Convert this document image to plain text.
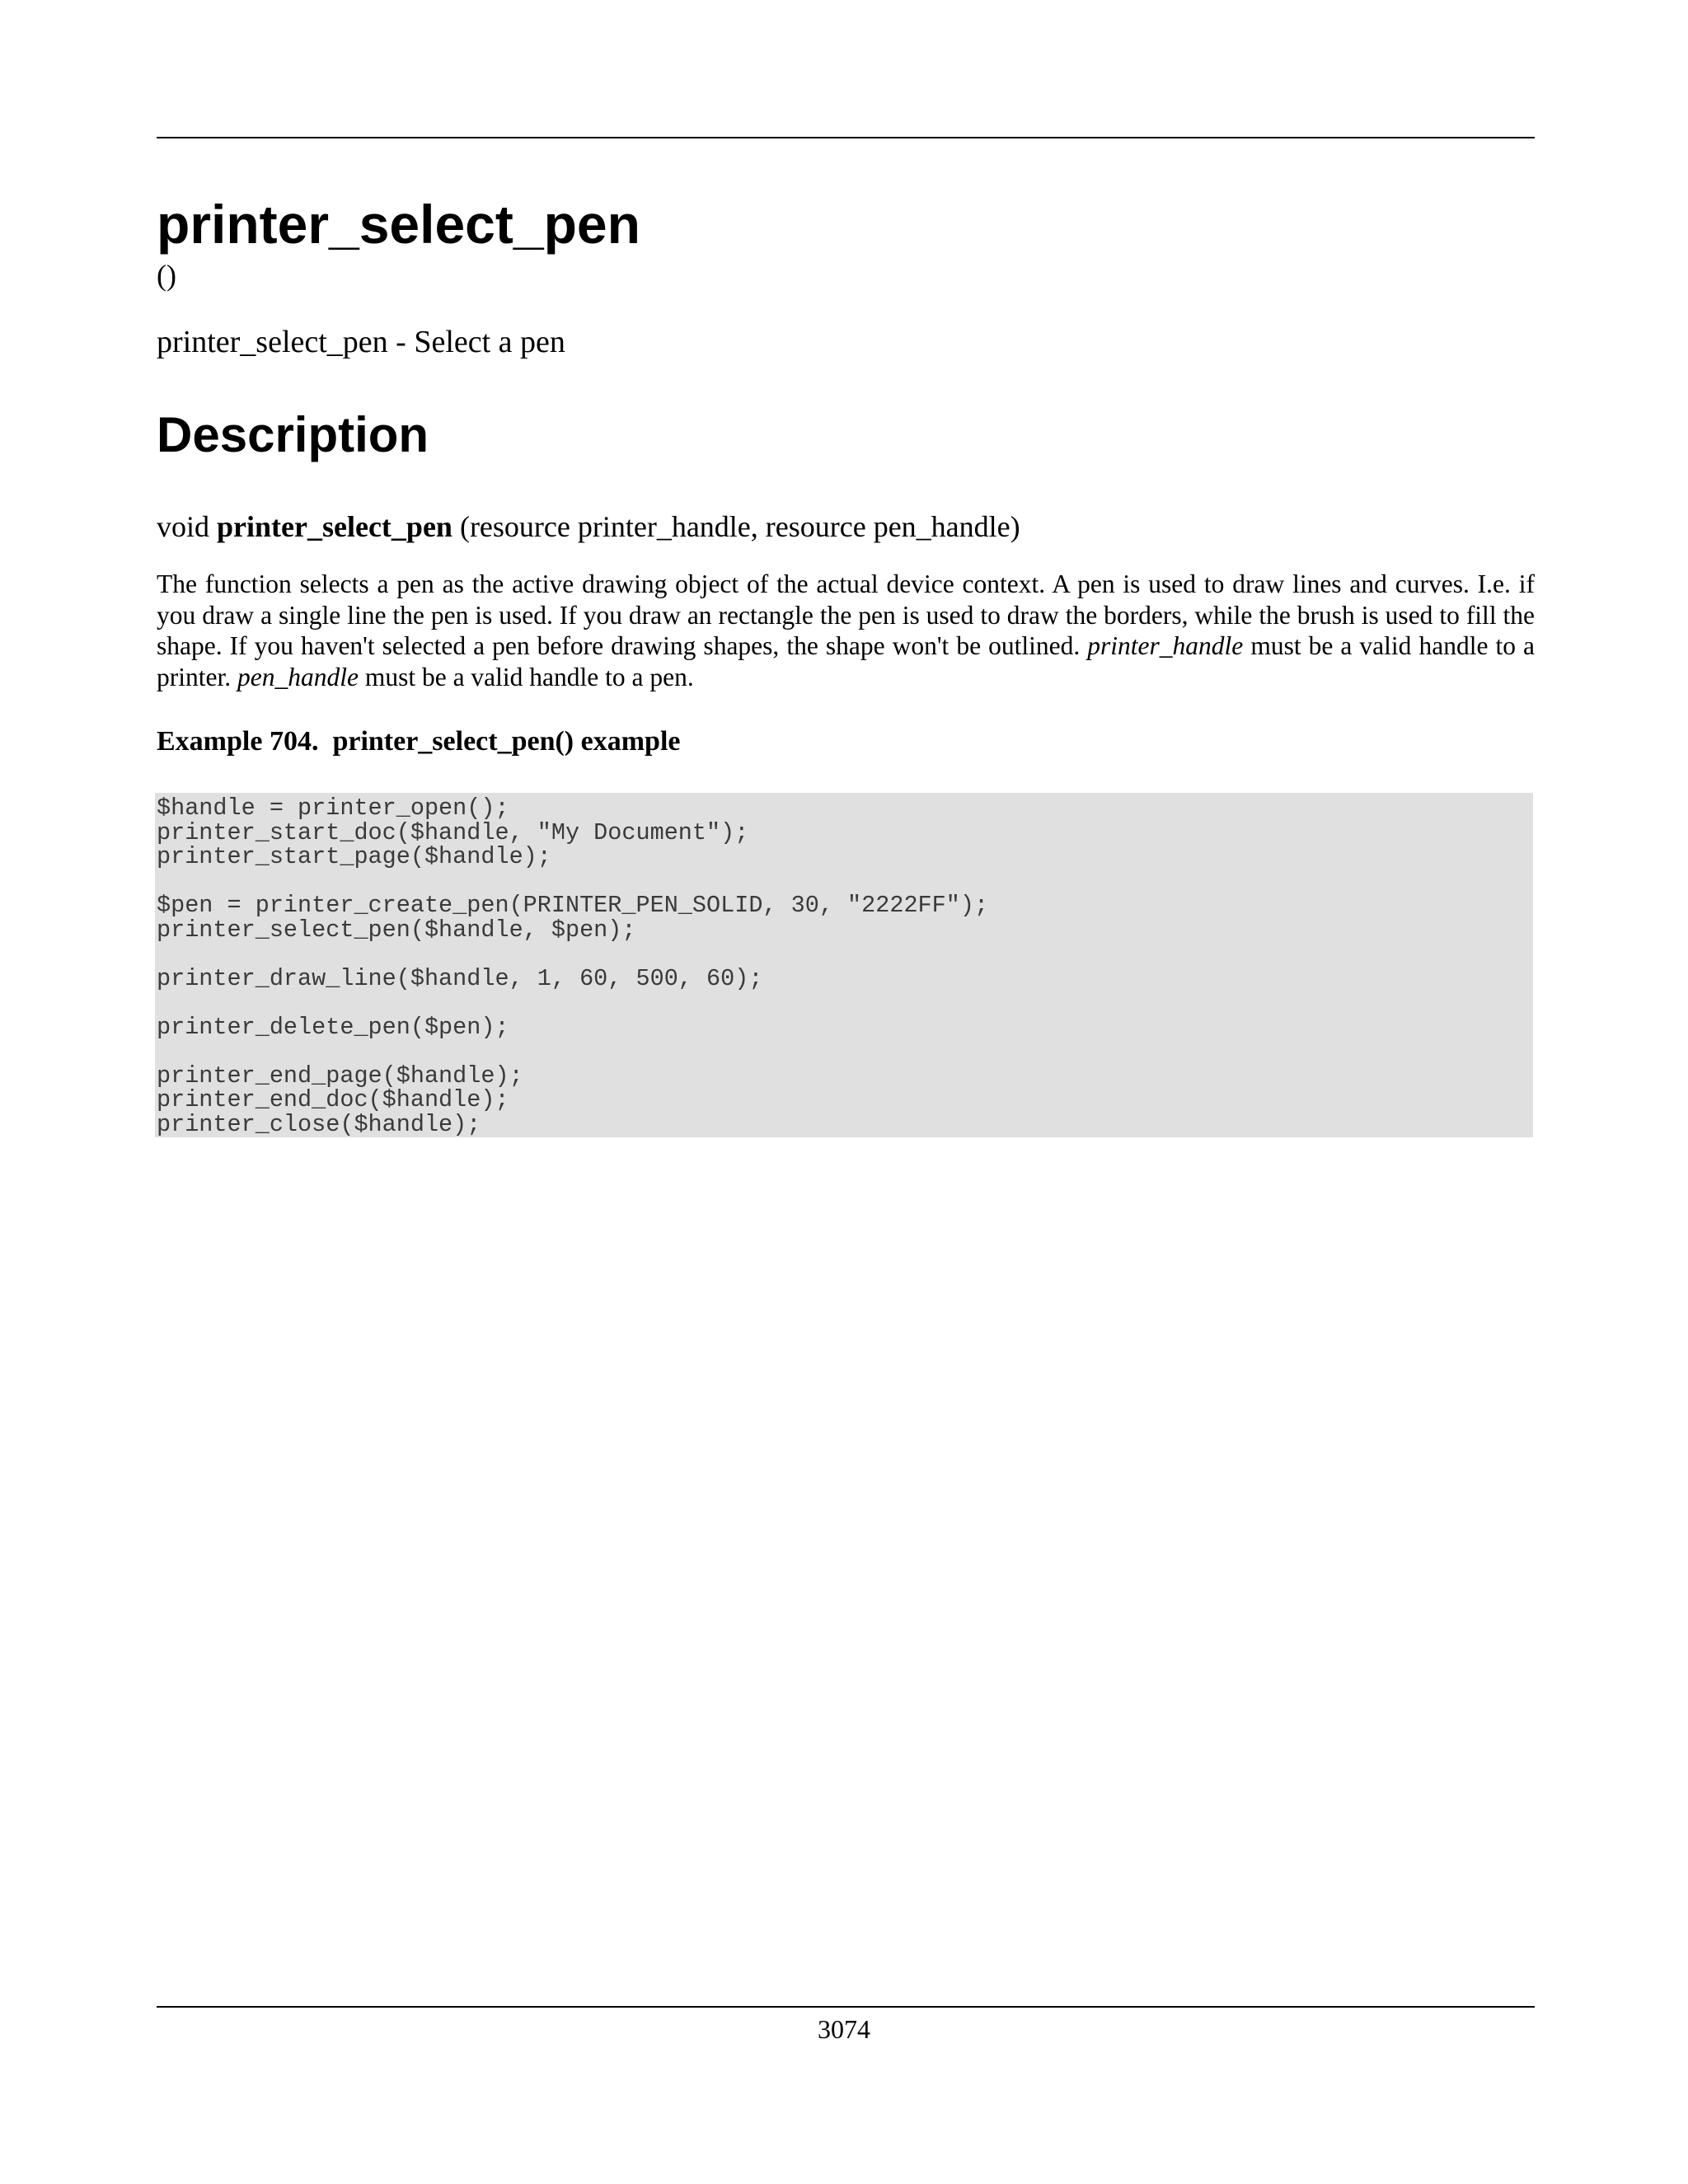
printer_select_pen
()
printer_select_pen - Select a pen
Description
void printer_select_pen (resource printer_handle, resource pen_handle)

The function selects a pen as the active drawing object of the actual device context. A pen is used to draw lines and curves. I.e. if you draw a single line the pen is used. If you draw an rectangle the pen is used to draw the borders, while the brush is used to fill the shape. If you haven't selected a pen before drawing shapes, the shape won't be outlined. printer_handle must be a valid handle to a printer. pen_handle must be a valid handle to a pen.

Example 704.  printer_select_pen() example
$handle = printer_open();
printer_start_doc($handle, "My Document");
printer_start_page($handle);
$pen = printer_create_pen(PRINTER_PEN_SOLID, 30, "2222FF");
printer_select_pen($handle, $pen);
printer_draw_line($handle, 1, 60, 500, 60);
printer_delete_pen($pen);
printer_end_page($handle);
printer_end_doc($handle);
printer_close($handle);
3074
